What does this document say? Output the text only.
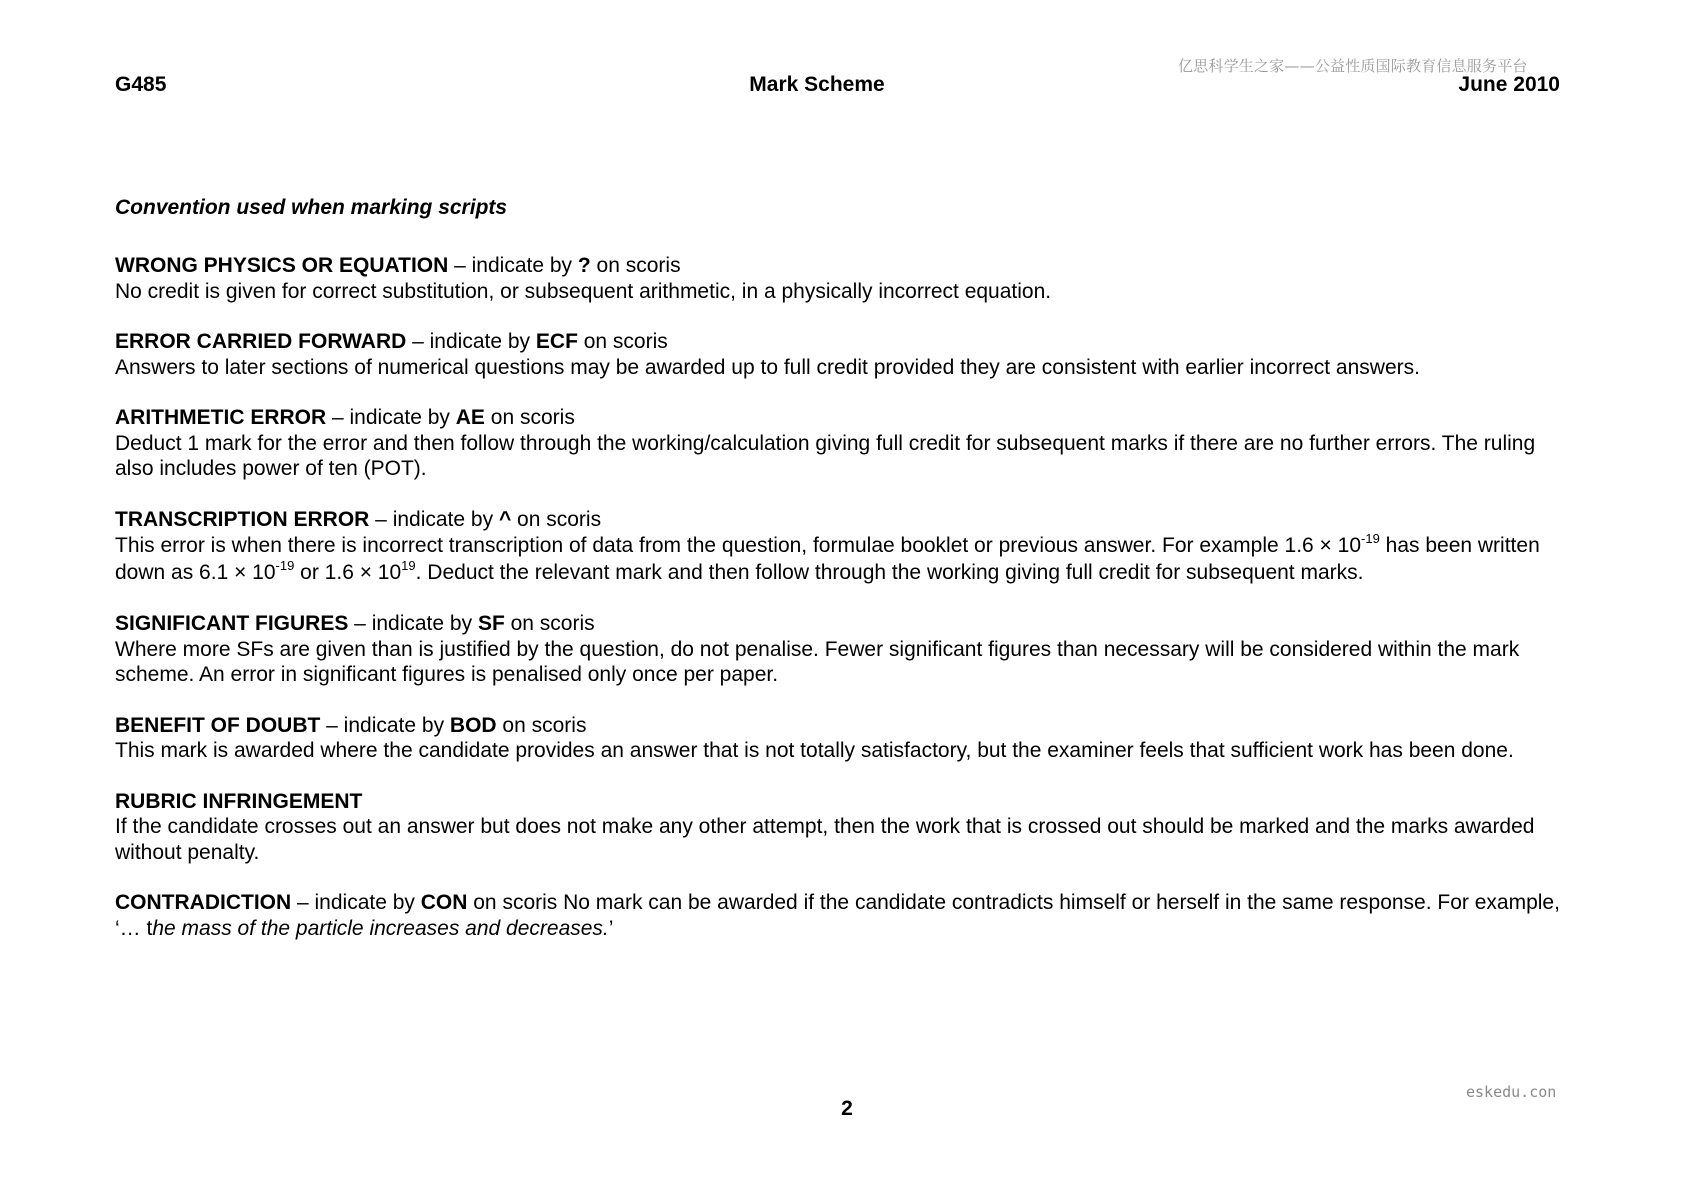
亿思科学生之家——公益性质国际教育信息服务平台
G485	Mark Scheme	June 2010
Convention used when marking scripts

WRONG PHYSICS OR EQUATION – indicate by ? on scoris

No credit is given for correct substitution, or subsequent arithmetic, in a physically incorrect equation.

ERROR CARRIED FORWARD – indicate by ECF on scoris

Answers to later sections of numerical questions may be awarded up to full credit provided they are consistent with earlier incorrect answers.

ARITHMETIC ERROR – indicate by AE on scoris

Deduct 1 mark for the error and then follow through the working/calculation giving full credit for subsequent marks if there are no further errors. The ruling also includes power of ten (POT).

TRANSCRIPTION ERROR – indicate by ^ on scoris

This error is when there is incorrect transcription of data from the question, formulae booklet or previous answer. For example $1.6 \times 10^{-19}$ has been written down as $6.1 \times 10^{-19}$ or $1.6 \times 10^{19}$. Deduct the relevant mark and then follow through the working giving full credit for subsequent marks.

SIGNIFICANT FIGURES – indicate by SF on scoris

Where more SFs are given than is justified by the question, do not penalise. Fewer significant figures than necessary will be considered within the mark scheme. An error in significant figures is penalised only once per paper.

BENEFIT OF DOUBT – indicate by BOD on scoris

This mark is awarded where the candidate provides an answer that is not totally satisfactory, but the examiner feels that sufficient work has been done.

RUBRIC INFRINGEMENT

If the candidate crosses out an answer but does not make any other attempt, then the work that is crossed out should be marked and the marks awarded without penalty.

CONTRADICTION – indicate by CON on scoris No mark can be awarded if the candidate contradicts himself or herself in the same response. For example, ‘… the mass of the particle increases and decreases.’

eskedu.con
2
